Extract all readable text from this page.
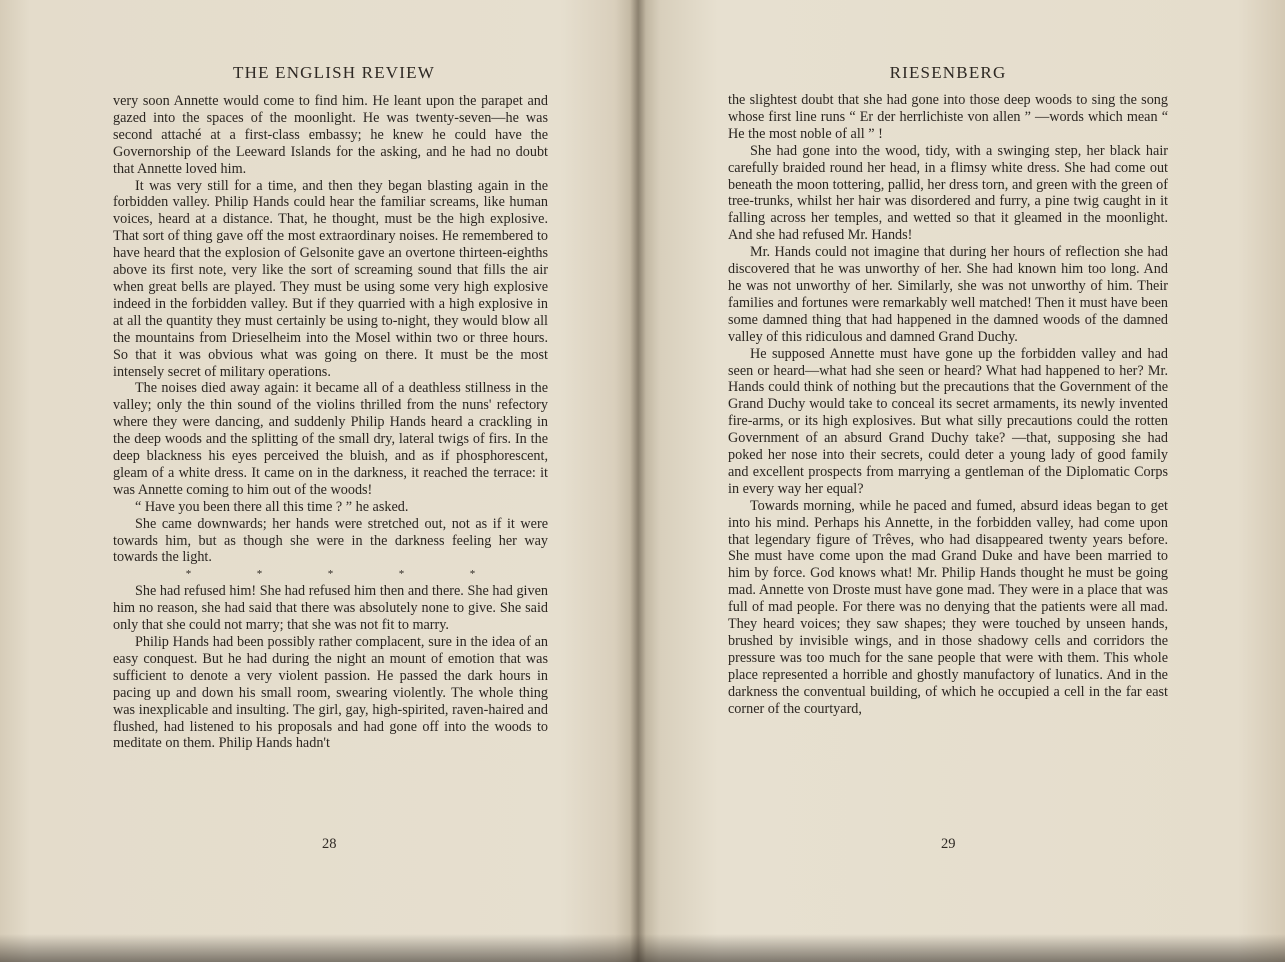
THE ENGLISH REVIEW

very soon Annette would come to find him. He leant upon the parapet and gazed into the spaces of the moonlight. He was twenty-seven—he was second attaché at a first-class embassy; he knew he could have the Governorship of the Leeward Islands for the asking, and he had no doubt that Annette loved him.

It was very still for a time, and then they began blasting again in the forbidden valley. Philip Hands could hear the familiar screams, like human voices, heard at a distance. That, he thought, must be the high explosive. That sort of thing gave off the most extraordinary noises. He remembered to have heard that the explosion of Gelsonite gave an overtone thirteen-eighths above its first note, very like the sort of screaming sound that fills the air when great bells are played. They must be using some very high explosive indeed in the forbidden valley. But if they quarried with a high explosive in at all the quantity they must certainly be using to-night, they would blow all the mountains from Drieselheim into the Mosel within two or three hours. So that it was obvious what was going on there. It must be the most intensely secret of military operations.

The noises died away again: it became all of a deathless stillness in the valley; only the thin sound of the violins thrilled from the nuns' refectory where they were dancing, and suddenly Philip Hands heard a crackling in the deep woods and the splitting of the small dry, lateral twigs of firs. In the deep blackness his eyes perceived the bluish, and as if phosphorescent, gleam of a white dress. It came on in the darkness, it reached the terrace: it was Annette coming to him out of the woods!

“ Have you been there all this time ? ” he asked.

She came downwards; her hands were stretched out, not as if it were towards him, but as though she were in the darkness feeling her way towards the light.

*	*	*	*	*

She had refused him! She had refused him then and there. She had given him no reason, she had said that there was absolutely none to give. She said only that she could not marry; that she was not fit to marry.

Philip Hands had been possibly rather complacent, sure in the idea of an easy conquest. But he had during the night an mount of emotion that was sufficient to denote a very violent passion. He passed the dark hours in pacing up and down his small room, swearing violently. The whole thing was inexplicable and insulting. The girl, gay, high-spirited, raven-haired and flushed, had listened to his proposals and had gone off into the woods to meditate on them. Philip Hands hadn't

28
RIESENBERG

the slightest doubt that she had gone into those deep woods to sing the song whose first line runs “ Er der herrlichiste von allen ” —words which mean “ He the most noble of all ” !

She had gone into the wood, tidy, with a swinging step, her black hair carefully braided round her head, in a flimsy white dress. She had come out beneath the moon tottering, pallid, her dress torn, and green with the green of tree-trunks, whilst her hair was disordered and furry, a pine twig caught in it falling across her temples, and wetted so that it gleamed in the moonlight. And she had refused Mr. Hands!

Mr. Hands could not imagine that during her hours of reflection she had discovered that he was unworthy of her. She had known him too long. And he was not unworthy of her. Similarly, she was not unworthy of him. Their families and fortunes were remarkably well matched! Then it must have been some damned thing that had happened in the damned woods of the damned valley of this ridiculous and damned Grand Duchy.

He supposed Annette must have gone up the forbidden valley and had seen or heard—what had she seen or heard? What had happened to her? Mr. Hands could think of nothing but the precautions that the Government of the Grand Duchy would take to conceal its secret armaments, its newly invented fire-arms, or its high explosives. But what silly precautions could the rotten Government of an absurd Grand Duchy take? —that, supposing she had poked her nose into their secrets, could deter a young lady of good family and excellent prospects from marrying a gentleman of the Diplomatic Corps in every way her equal?

Towards morning, while he paced and fumed, absurd ideas began to get into his mind. Perhaps his Annette, in the forbidden valley, had come upon that legendary figure of Trêves, who had disappeared twenty years before. She must have come upon the mad Grand Duke and have been married to him by force. God knows what! Mr. Philip Hands thought he must be going mad. Annette von Droste must have gone mad. They were in a place that was full of mad people. For there was no denying that the patients were all mad. They heard voices; they saw shapes; they were touched by unseen hands, brushed by invisible wings, and in those shadowy cells and corridors the pressure was too much for the sane people that were with them. This whole place represented a horrible and ghostly manufactory of lunatics. And in the darkness the conventual building, of which he occupied a cell in the far east corner of the courtyard,

29
